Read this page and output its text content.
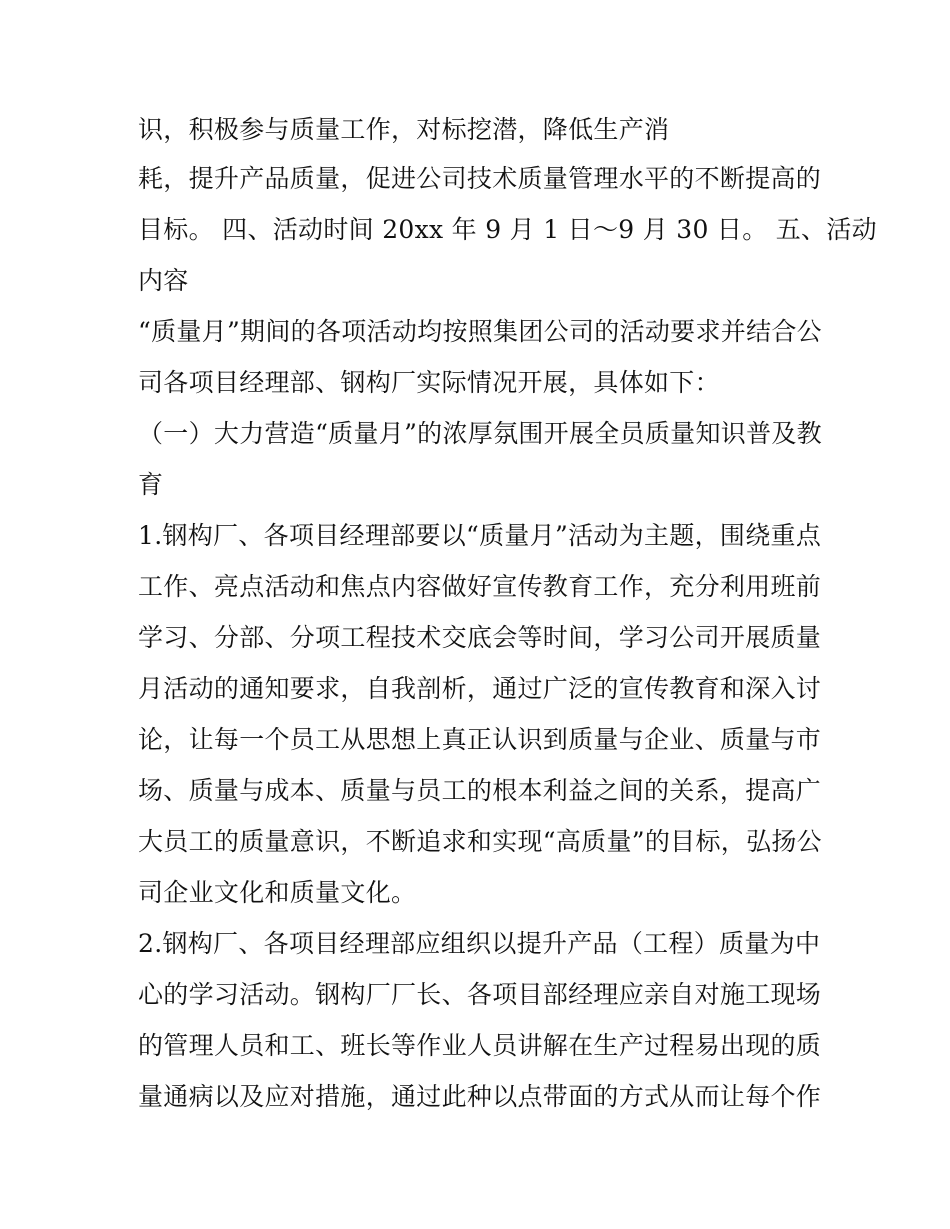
识，积极参与质量工作，对标挖潜，降低生产消
耗，提升产品质量，促进公司技术质量管理水平的不断提高的
目标。 四、活动时间 20xx 年 9 月 1 日～9 月 30 日。 五、活动
内容
“质量月”期间的各项活动均按照集团公司的活动要求并结合公
司各项目经理部、钢构厂实际情况开展，具体如下：
（一）大力营造“质量月”的浓厚氛围开展全员质量知识普及教
育
1.钢构厂、各项目经理部要以“质量月”活动为主题，围绕重点
工作、亮点活动和焦点内容做好宣传教育工作，充分利用班前
学习、分部、分项工程技术交底会等时间，学习公司开展质量
月活动的通知要求，自我剖析，通过广泛的宣传教育和深入讨
论，让每一个员工从思想上真正认识到质量与企业、质量与市
场、质量与成本、质量与员工的根本利益之间的关系，提高广
大员工的质量意识，不断追求和实现“高质量”的目标，弘扬公
司企业文化和质量文化。
2.钢构厂、各项目经理部应组织以提升产品（工程）质量为中
心的学习活动。钢构厂厂长、各项目部经理应亲自对施工现场
的管理人员和工、班长等作业人员讲解在生产过程易出现的质
量通病以及应对措施，通过此种以点带面的方式从而让每个作
